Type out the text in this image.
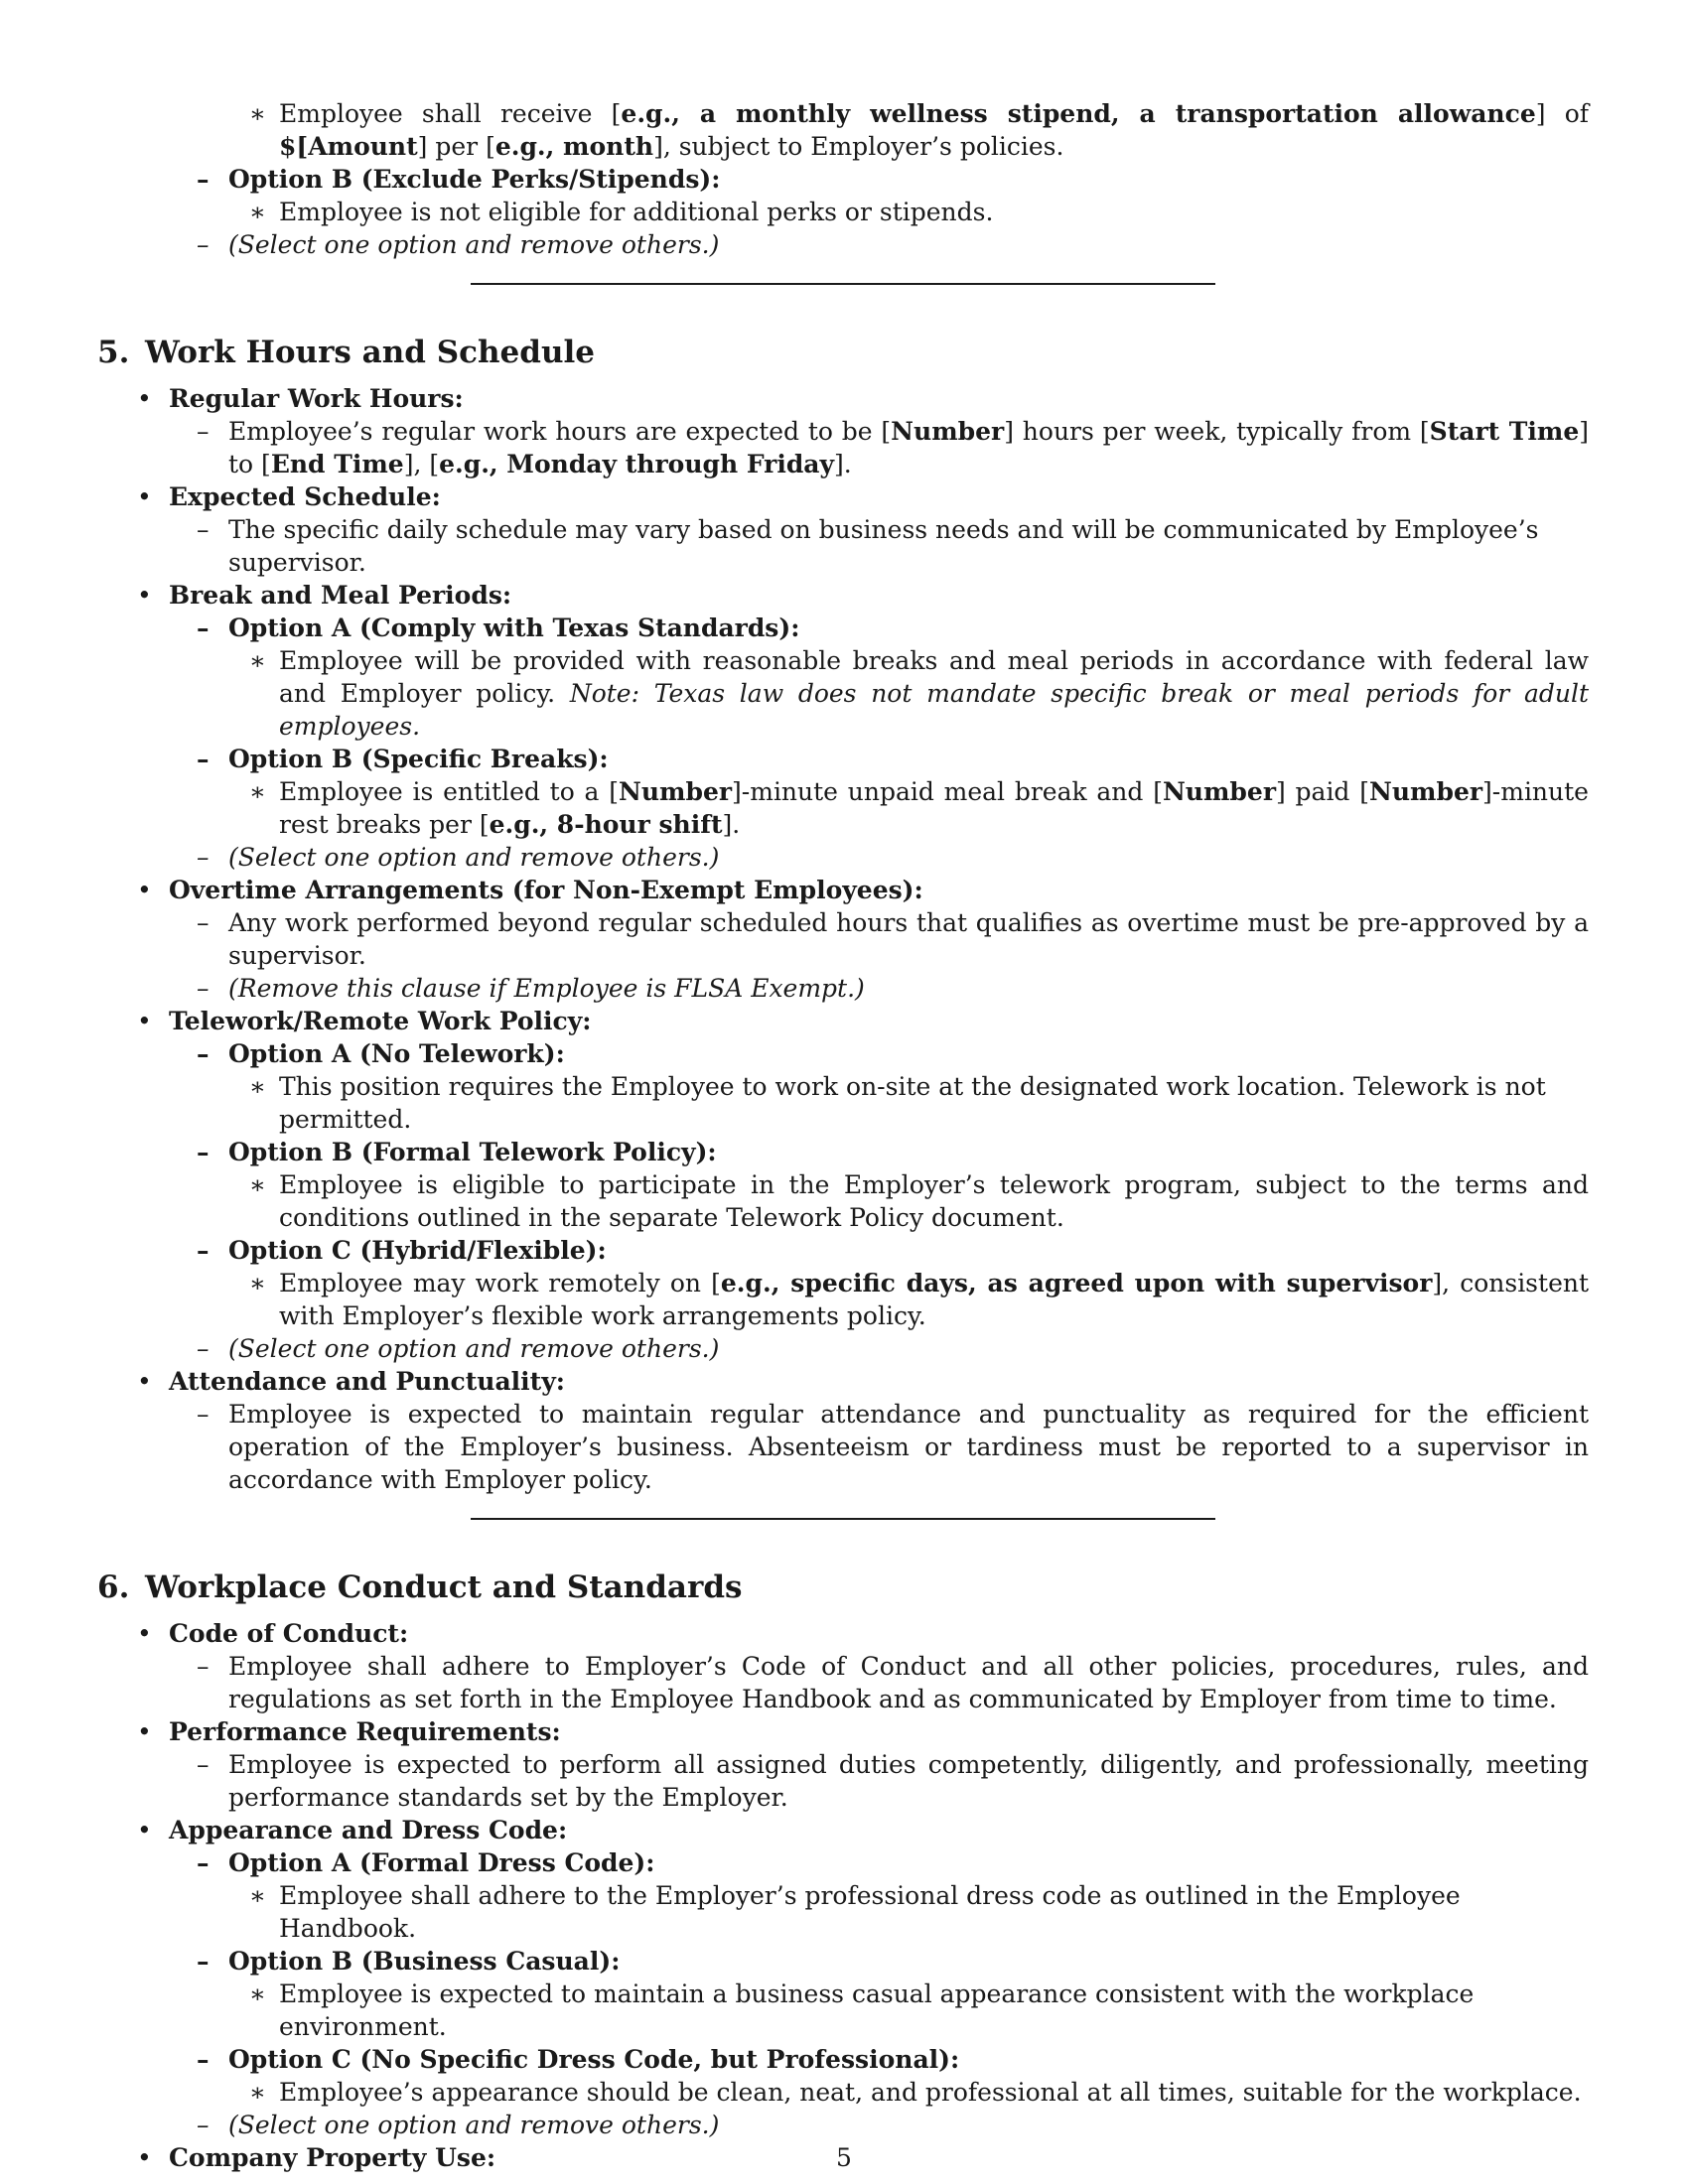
∗ Employee shall receive [e.g., a monthly wellness stipend, a transportation allowance] of $[Amount] per [e.g., month], subject to Employer’s policies.
– Option B (Exclude Perks/Stipends):
∗ Employee is not eligible for additional perks or stipends.
– (Select one option and remove others.)
5. Work Hours and Schedule
• Regular Work Hours:
– Employee’s regular work hours are expected to be [Number] hours per week, typically from [Start Time] to [End Time], [e.g., Monday through Friday].
• Expected Schedule:
– The specific daily schedule may vary based on business needs and will be communicated by Employee’s supervisor.
• Break and Meal Periods:
– Option A (Comply with Texas Standards):
∗ Employee will be provided with reasonable breaks and meal periods in accordance with federal law and Employer policy. Note: Texas law does not mandate specific break or meal periods for adult employees.
– Option B (Specific Breaks):
∗ Employee is entitled to a [Number]-minute unpaid meal break and [Number] paid [Number]-minute rest breaks per [e.g., 8-hour shift].
– (Select one option and remove others.)
• Overtime Arrangements (for Non-Exempt Employees):
– Any work performed beyond regular scheduled hours that qualifies as overtime must be pre-approved by a supervisor.
– (Remove this clause if Employee is FLSA Exempt.)
• Telework/Remote Work Policy:
– Option A (No Telework):
∗ This position requires the Employee to work on-site at the designated work location. Telework is not permitted.
– Option B (Formal Telework Policy):
∗ Employee is eligible to participate in the Employer’s telework program, subject to the terms and conditions outlined in the separate Telework Policy document.
– Option C (Hybrid/Flexible):
∗ Employee may work remotely on [e.g., specific days, as agreed upon with supervisor], consistent with Employer’s flexible work arrangements policy.
– (Select one option and remove others.)
• Attendance and Punctuality:
– Employee is expected to maintain regular attendance and punctuality as required for the efficient operation of the Employer’s business. Absenteeism or tardiness must be reported to a supervisor in accordance with Employer policy.
6. Workplace Conduct and Standards
• Code of Conduct:
– Employee shall adhere to Employer’s Code of Conduct and all other policies, procedures, rules, and regulations as set forth in the Employee Handbook and as communicated by Employer from time to time.
• Performance Requirements:
– Employee is expected to perform all assigned duties competently, diligently, and professionally, meeting performance standards set by the Employer.
• Appearance and Dress Code:
– Option A (Formal Dress Code):
∗ Employee shall adhere to the Employer’s professional dress code as outlined in the Employee Handbook.
– Option B (Business Casual):
∗ Employee is expected to maintain a business casual appearance consistent with the workplace environment.
– Option C (No Specific Dress Code, but Professional):
∗ Employee’s appearance should be clean, neat, and professional at all times, suitable for the workplace.
– (Select one option and remove others.)
• Company Property Use:	5
